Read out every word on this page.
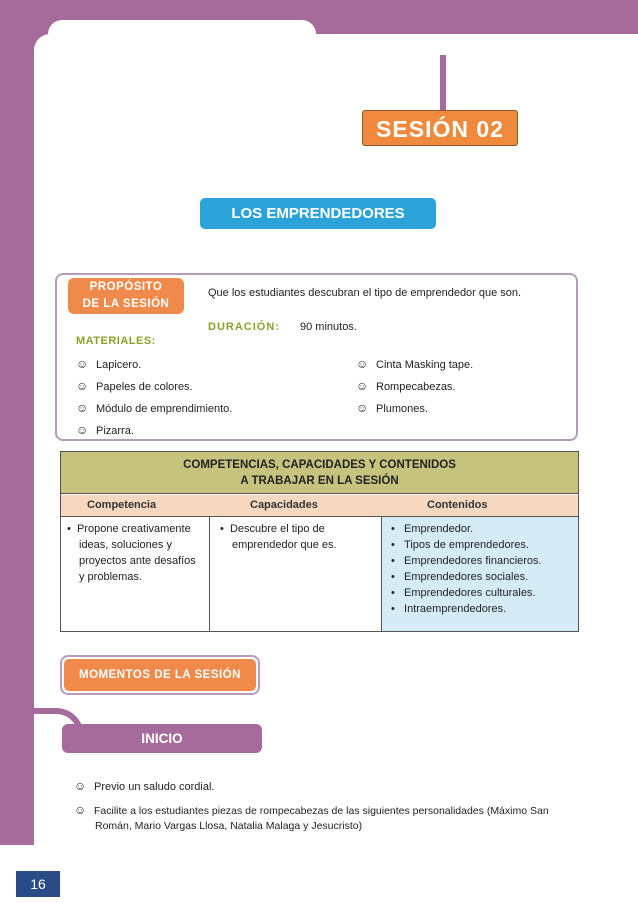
SESIÓN 02
LOS EMPRENDEDORES
PROPÓSITO
DE LA SESIÓN
Que los estudiantes descubran el tipo de emprendedor que son.
DURACIÓN: 90 minutos.
MATERIALES:
☺ Lapicero.
☺ Papeles de colores.
☺ Módulo de emprendimiento.
☺ Pizarra.
☺ Cinta Masking tape.
☺ Rompecabezas.
☺ Plumones.
COMPETENCIAS, CAPACIDADES Y CONTENIDOS
A TRABAJAR EN LA SESIÓN
Competencia	Capacidades	Contenidos
•  Propone creativamente
ideas, soluciones y
proyectos ante desafíos
y problemas.
•  Descubre el tipo de
emprendedor que es.
•   Emprendedor.
•   Tipos de emprendedores.
•   Emprendedores financieros.
•   Emprendedores sociales.
•   Emprendedores culturales.
•   Intraemprendedores.
MOMENTOS DE LA SESIÓN
INICIO
☺ Previo un saludo cordial.
☺ Facilite a los estudiantes piezas de rompecabezas de las siguientes personalidades (Máximo San
Román, Mario Vargas Llosa, Natalia Malaga y Jesucristo)
16
